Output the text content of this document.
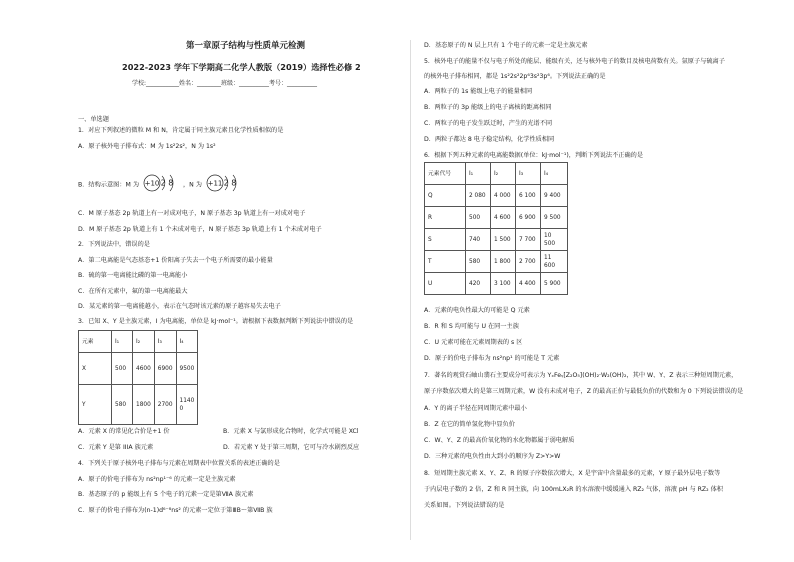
第一章原子结构与性质单元检测
2022-2023 学年下学期高二化学人教版（2019）选择性必修 2
学校:___________姓名：________班级：__________考号：__________
一、单选题
1．对应下列叙述的微粒 M 和 N，肯定属于同主族元素且化学性质相似的是
A．原子核外电子排布式：M 为 1s²2s²，N 为 1s²
B．结构示意图：M 为 +10 2 8 ，N 为 +11 2 8
C．M 原子基态 2p 轨道上有一对成对电子，N 原子基态 3p 轨道上有一对成对电子
D．M 原子基态 2p 轨道上有 1 个未成对电子，N 原子基态 3p 轨道上有 1 个未成对电子
2．下列说法中，错误的是
A．第二电离能是气态基态+1 价阳离子失去一个电子所需要的最小能量
B．硫的第一电离能比磷的第一电离能小
C．在所有元素中，氟的第一电离能最大
D．某元素的第一电离能越小，表示在气态时该元素的原子越容易失去电子
3．已知 X、Y 是主族元素，I 为电离能，单位是 kJ·mol⁻¹。请根据下表数据判断下列说法中错误的是
元素	I₁	I₂	I₃	I₄
X	500	4600	6900	9500
Y	580	1800	2700	1140
0
A．元素 X 的常见化合价是+1 价	B．元素 X 与氯形成化合物时，化学式可能是 XCl
C．元素 Y 是第 IIIA 族元素	D．若元素 Y 处于第三周期，它可与冷水剧烈反应
4．下列关于原子核外电子排布与元素在周期表中位置关系的表述正确的是
A．原子的价电子排布为 ns²np¹⁻⁶ 的元素一定是主族元素
B．基态原子的 p 能级上有 5 个电子的元素一定是第ⅦA 族元素
C．原子的价电子排布为(n-1)d⁶⁻⁸ns² 的元素一定位于第ⅢB～第ⅦB 族
D．基态原子的 N 层上只有 1 个电子的元素一定是主族元素
5．核外电子的能量不仅与电子所处的能层、能级有关，还与核外电子的数目及核电荷数有关。氩原子与硫离子
的核外电子排布相同，都是 1s²2s²2p⁶3s²3p⁶。下列说法正确的是
A．两粒子的 1s 能级上电子的能量相同
B．两粒子的 3p 能级上的电子离核的距离相同
C．两粒子的电子发生跃迁时，产生的光谱不同
D．两粒子都达 8 电子稳定结构，化学性质相同
6．根据下列五种元素的电离能数据(单位：kJ·mol⁻¹)，判断下列说法不正确的是
元素代号	I₁	I₂	I₃	I₄
Q	2 080	4 000	6 100	9 400
R	500	4 600	6 900	9 500
S	740	1 500	7 700	10 500
T	580	1 800	2 700	11 600
U	420	3 100	4 400	5 900
A．元素的电负性最大的可能是 Q 元素
B．R 和 S 均可能与 U 在同一主族
C．U 元素可能在元素周期表的 s 区
D．原子的价电子排布为 ns²np¹ 的可能是 T 元素
7．著名的观赏石岫山翡石主要成分可表示为 YₓFeᵧ[Z₂O₅](OH)₂·W₂(OH)₂，其中 W、Y、Z 表示三种短周期元素，
原子序数依次增大的是第三周期元素，W 没有未成对电子，Z 的最高正价与最低负价的代数和为 0 下列说法错误的是
A．Y 的离子半径在同周期元素中最小
B．Z 在它的简单氢化物中显负价
C．W、Y、Z 的最高价氧化物的水化物都属于弱电解质
D．三种元素的电负性由大到小的顺序为 Z>Y>W
8．短周期主族元素 X、Y、Z、R 的原子序数依次增大，X 是宇宙中含量最多的元素，Y 原子最外层电子数等
于内层电子数的 2 倍，Z 和 R 同主族，向 100mLX₂R 的水溶液中缓缓通入 RZ₂ 气体，溶液 pH 与 RZ₂ 体积
关系如图。下列说法错误的是
